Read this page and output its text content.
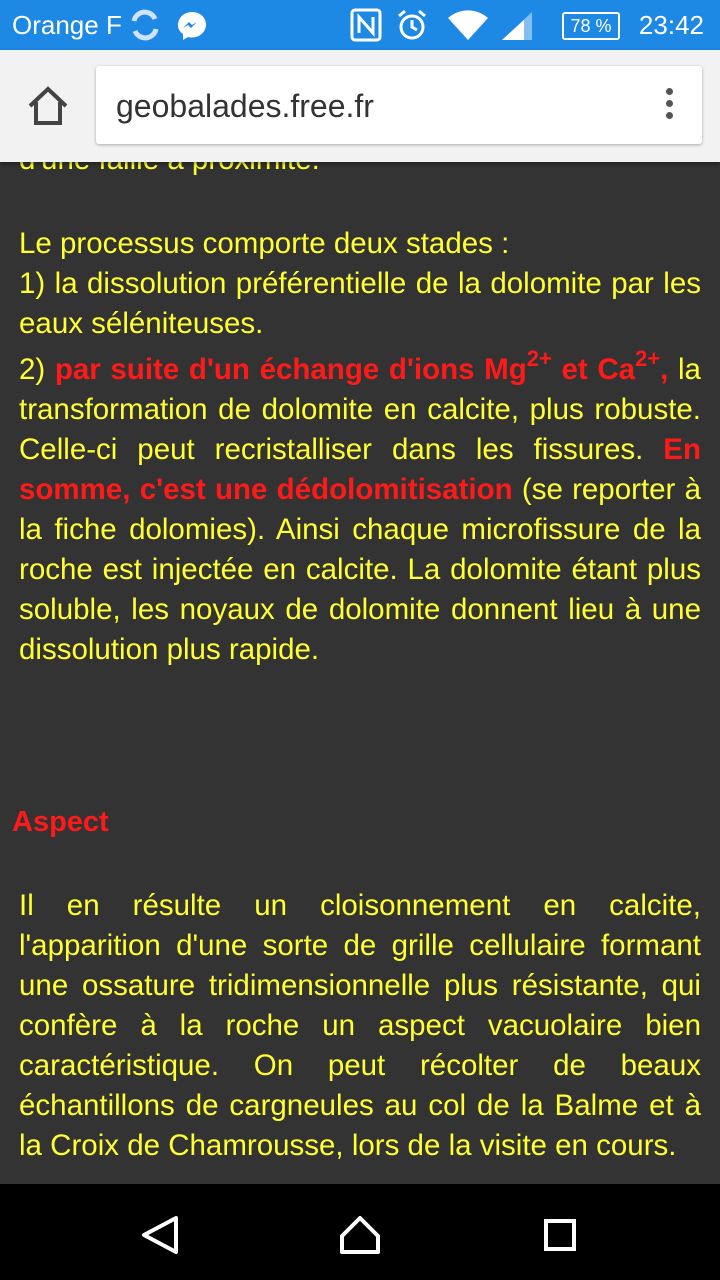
Orange F	78 %	23:42
geobalades.free.fr
Le processus comporte deux stades :
1) la dissolution préférentielle de la dolomite par les eaux séléniteuses.
2) par suite d'un échange d'ions $Mg^{2+}$ et $Ca^{2+}$, la transformation de dolomite en calcite, plus robuste. Celle-ci peut recristalliser dans les fissures. En somme, c'est une dédolomitisation (se reporter à la fiche dolomies). Ainsi chaque microfissure de la roche est injectée en calcite. La dolomite étant plus soluble, les noyaux de dolomite donnent lieu à une dissolution plus rapide.
Aspect
Il en résulte un cloisonnement en calcite, l'apparition d'une sorte de grille cellulaire formant une ossature tridimensionnelle plus résistante, qui confère à la roche un aspect vacuolaire bien caractéristique. On peut récolter de beaux échantillons de cargneules au col de la Balme et à la Croix de Chamrousse, lors de la visite en cours.
